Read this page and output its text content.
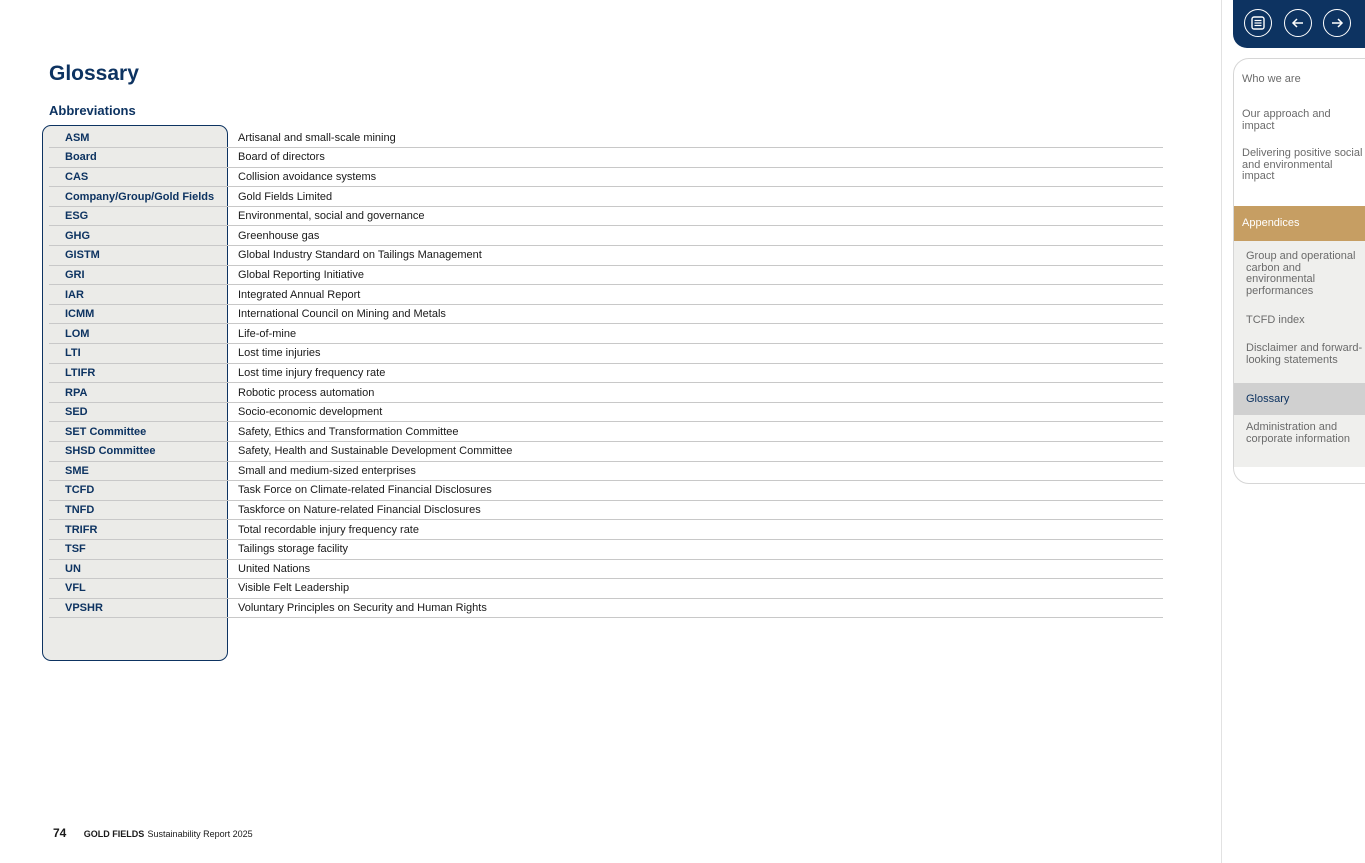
Glossary
Abbreviations
ASM	Artisanal and small-scale mining
Board	Board of directors
CAS	Collision avoidance systems
Company/Group/Gold Fields	Gold Fields Limited
ESG	Environmental, social and governance
GHG	Greenhouse gas
GISTM	Global Industry Standard on Tailings Management
GRI	Global Reporting Initiative
IAR	Integrated Annual Report
ICMM	International Council on Mining and Metals
LOM	Life-of-mine
LTI	Lost time injuries
LTIFR	Lost time injury frequency rate
RPA	Robotic process automation
SED	Socio-economic development
SET Committee	Safety, Ethics and Transformation Committee
SHSD Committee	Safety, Health and Sustainable Development Committee
SME	Small and medium-sized enterprises
TCFD	Task Force on Climate-related Financial Disclosures
TNFD	Taskforce on Nature-related Financial Disclosures
TRIFR	Total recordable injury frequency rate
TSF	Tailings storage facility
UN	United Nations
VFL	Visible Felt Leadership
VPSHR	Voluntary Principles on Security and Human Rights
74 GOLD FIELDS Sustainability Report 2025
Who we are
Our approach and impact
Delivering positive social and environmental impact
Appendices
Group and operational carbon and environmental performances
TCFD index
Disclaimer and forward-looking statements
Glossary
Administration and corporate information
